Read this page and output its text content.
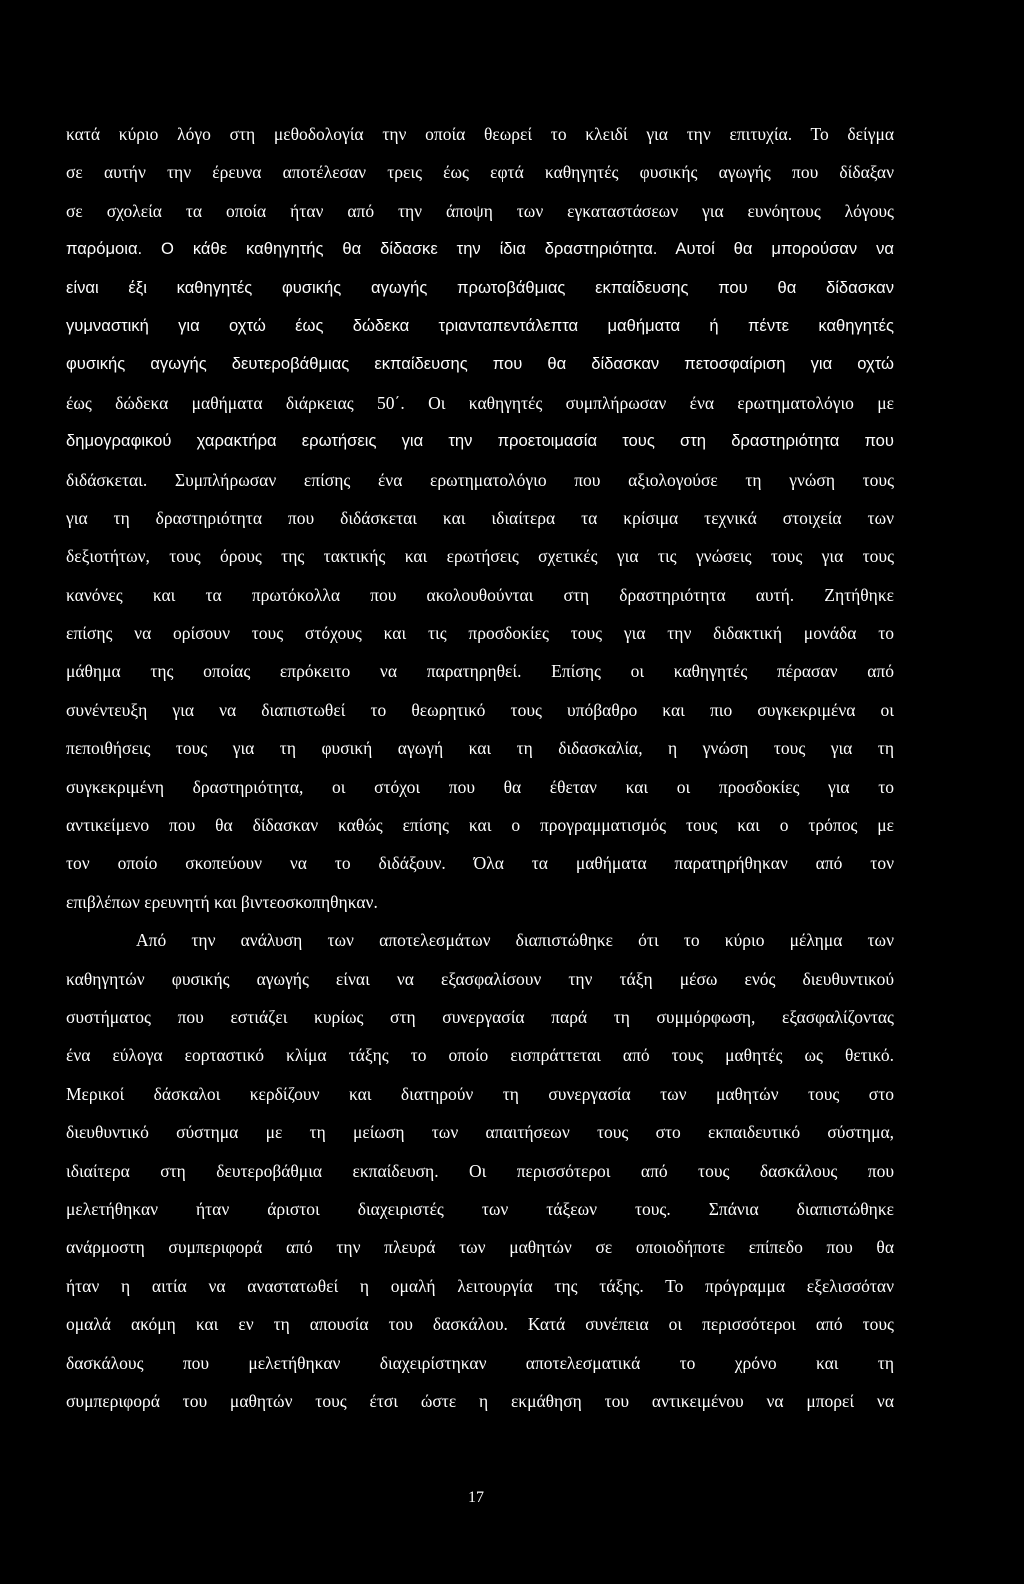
κατά κύριο λόγο στη μεθοδολογία την οποία θεωρεί το κλειδί για την επιτυχία. Το δείγμα
σε αυτήν την έρευνα αποτέλεσαν τρεις έως εφτά καθηγητές φυσικής αγωγής που δίδαξαν
σε σχολεία τα οποία ήταν από την άποψη των εγκαταστάσεων για ευνόητους λόγους
παρόμοια. Ο κάθε καθηγητής θα δίδασκε την ίδια δραστηριότητα. Αυτοί θα μπορούσαν να
είναι έξι καθηγητές φυσικής αγωγής πρωτοβάθμιας εκπαίδευσης που θα δίδασκαν
γυμναστική για οχτώ έως δώδεκα τριανταπεντάλεπτα μαθήματα ή πέντε καθηγητές
φυσικής αγωγής δευτεροβάθμιας εκπαίδευσης που θα δίδασκαν πετοσφαίριση για οχτώ
έως δώδεκα μαθήματα διάρκειας 50΄. Οι καθηγητές συμπλήρωσαν ένα ερωτηματολόγιο με
δημογραφικού χαρακτήρα ερωτήσεις για την προετοιμασία τους στη δραστηριότητα που
διδάσκεται. Συμπλήρωσαν επίσης ένα ερωτηματολόγιο που αξιολογούσε τη γνώση τους
για τη δραστηριότητα που διδάσκεται και ιδιαίτερα τα κρίσιμα τεχνικά στοιχεία των
δεξιοτήτων, τους όρους της τακτικής και ερωτήσεις σχετικές για τις γνώσεις τους για τους
κανόνες και τα πρωτόκολλα που ακολουθούνται στη δραστηριότητα αυτή. Ζητήθηκε
επίσης να ορίσουν τους στόχους και τις προσδοκίες τους για την διδακτική μονάδα το
μάθημα της οποίας επρόκειτο να παρατηρηθεί. Επίσης οι καθηγητές πέρασαν από
συνέντευξη για να διαπιστωθεί το θεωρητικό τους υπόβαθρο και πιο συγκεκριμένα οι
πεποιθήσεις τους για τη φυσική αγωγή και τη διδασκαλία, η γνώση τους για τη
συγκεκριμένη δραστηριότητα, οι στόχοι που θα έθεταν και οι προσδοκίες για το
αντικείμενο που θα δίδασκαν καθώς επίσης και ο προγραμματισμός τους και ο τρόπος με
τον οποίο σκοπεύουν να το διδάξουν. Όλα τα μαθήματα παρατηρήθηκαν από τον
επιβλέπων ερευνητή και βιντεοσκοπηθηκαν.
Από την ανάλυση των αποτελεσμάτων διαπιστώθηκε ότι το κύριο μέλημα των
καθηγητών φυσικής αγωγής είναι να εξασφαλίσουν την τάξη μέσω ενός διευθυντικού
συστήματος που εστιάζει κυρίως στη συνεργασία παρά τη συμμόρφωση, εξασφαλίζοντας
ένα εύλογα εορταστικό κλίμα τάξης το οποίο εισπράττεται από τους μαθητές ως θετικό.
Μερικοί δάσκαλοι κερδίζουν και διατηρούν τη συνεργασία των μαθητών τους στο
διευθυντικό σύστημα με τη μείωση των απαιτήσεων τους στο εκπαιδευτικό σύστημα,
ιδιαίτερα στη δευτεροβάθμια εκπαίδευση. Οι περισσότεροι από τους δασκάλους που
μελετήθηκαν ήταν άριστοι διαχειριστές των τάξεων τους. Σπάνια διαπιστώθηκε
ανάρμοστη συμπεριφορά από την πλευρά των μαθητών σε οποιοδήποτε επίπεδο που θα
ήταν η αιτία να αναστατωθεί η ομαλή λειτουργία της τάξης. Το πρόγραμμα εξελισσόταν
ομαλά ακόμη και εν τη απουσία του δασκάλου. Κατά συνέπεια οι περισσότεροι από τους
δασκάλους που μελετήθηκαν διαχειρίστηκαν αποτελεσματικά το χρόνο και τη
συμπεριφορά του μαθητών τους έτσι ώστε η εκμάθηση του αντικειμένου να μπορεί να
17
